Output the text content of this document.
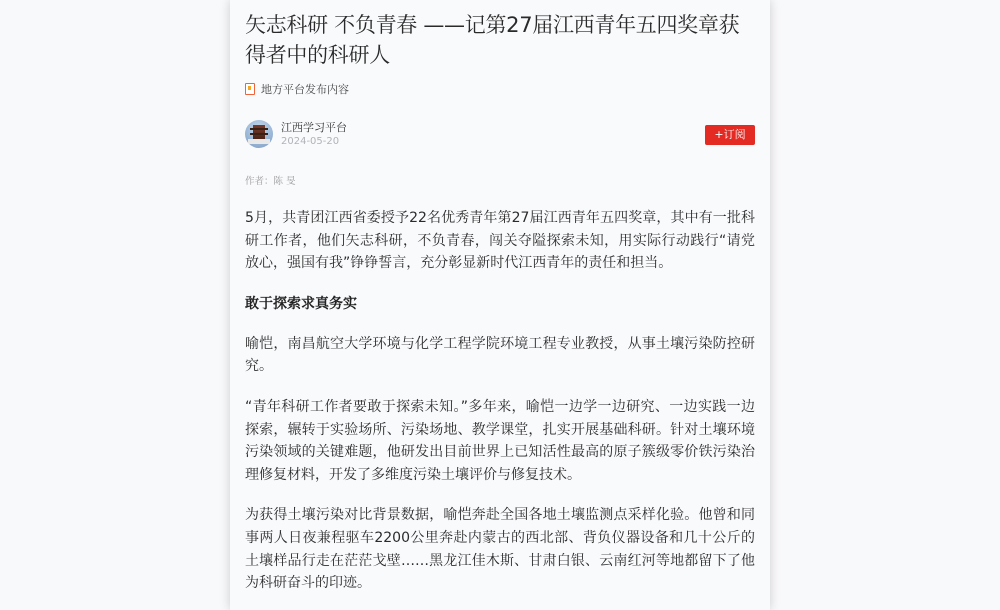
矢志科研 不负青春 ——记第27届江西青年五四奖章获得者中的科研人
地方平台发布内容
江西学习平台
2024-05-20	+订阅
作者：陈 旻

5月，共青团江西省委授予22名优秀青年第27届江西青年五四奖章，其中有一批科研工作者，他们矢志科研，不负青春，闯关夺隘探索未知，用实际行动践行“请党放心，强国有我”铮铮誓言，充分彰显新时代江西青年的责任和担当。

敢于探索求真务实

喻恺，南昌航空大学环境与化学工程学院环境工程专业教授，从事土壤污染防控研究。

“青年科研工作者要敢于探索未知。”多年来，喻恺一边学一边研究、一边实践一边探索，辗转于实验场所、污染场地、教学课堂，扎实开展基础科研。针对土壤环境污染领域的关键难题，他研发出目前世界上已知活性最高的原子簇级零价铁污染治理修复材料，开发了多维度污染土壤评价与修复技术。

为获得土壤污染对比背景数据，喻恺奔赴全国各地土壤监测点采样化验。他曾和同事两人日夜兼程驱车2200公里奔赴内蒙古的西北部、背负仪器设备和几十公斤的土壤样品行走在茫茫戈壁……黑龙江佳木斯、甘肃白银、云南红河等地都留下了他为科研奋斗的印迹。
